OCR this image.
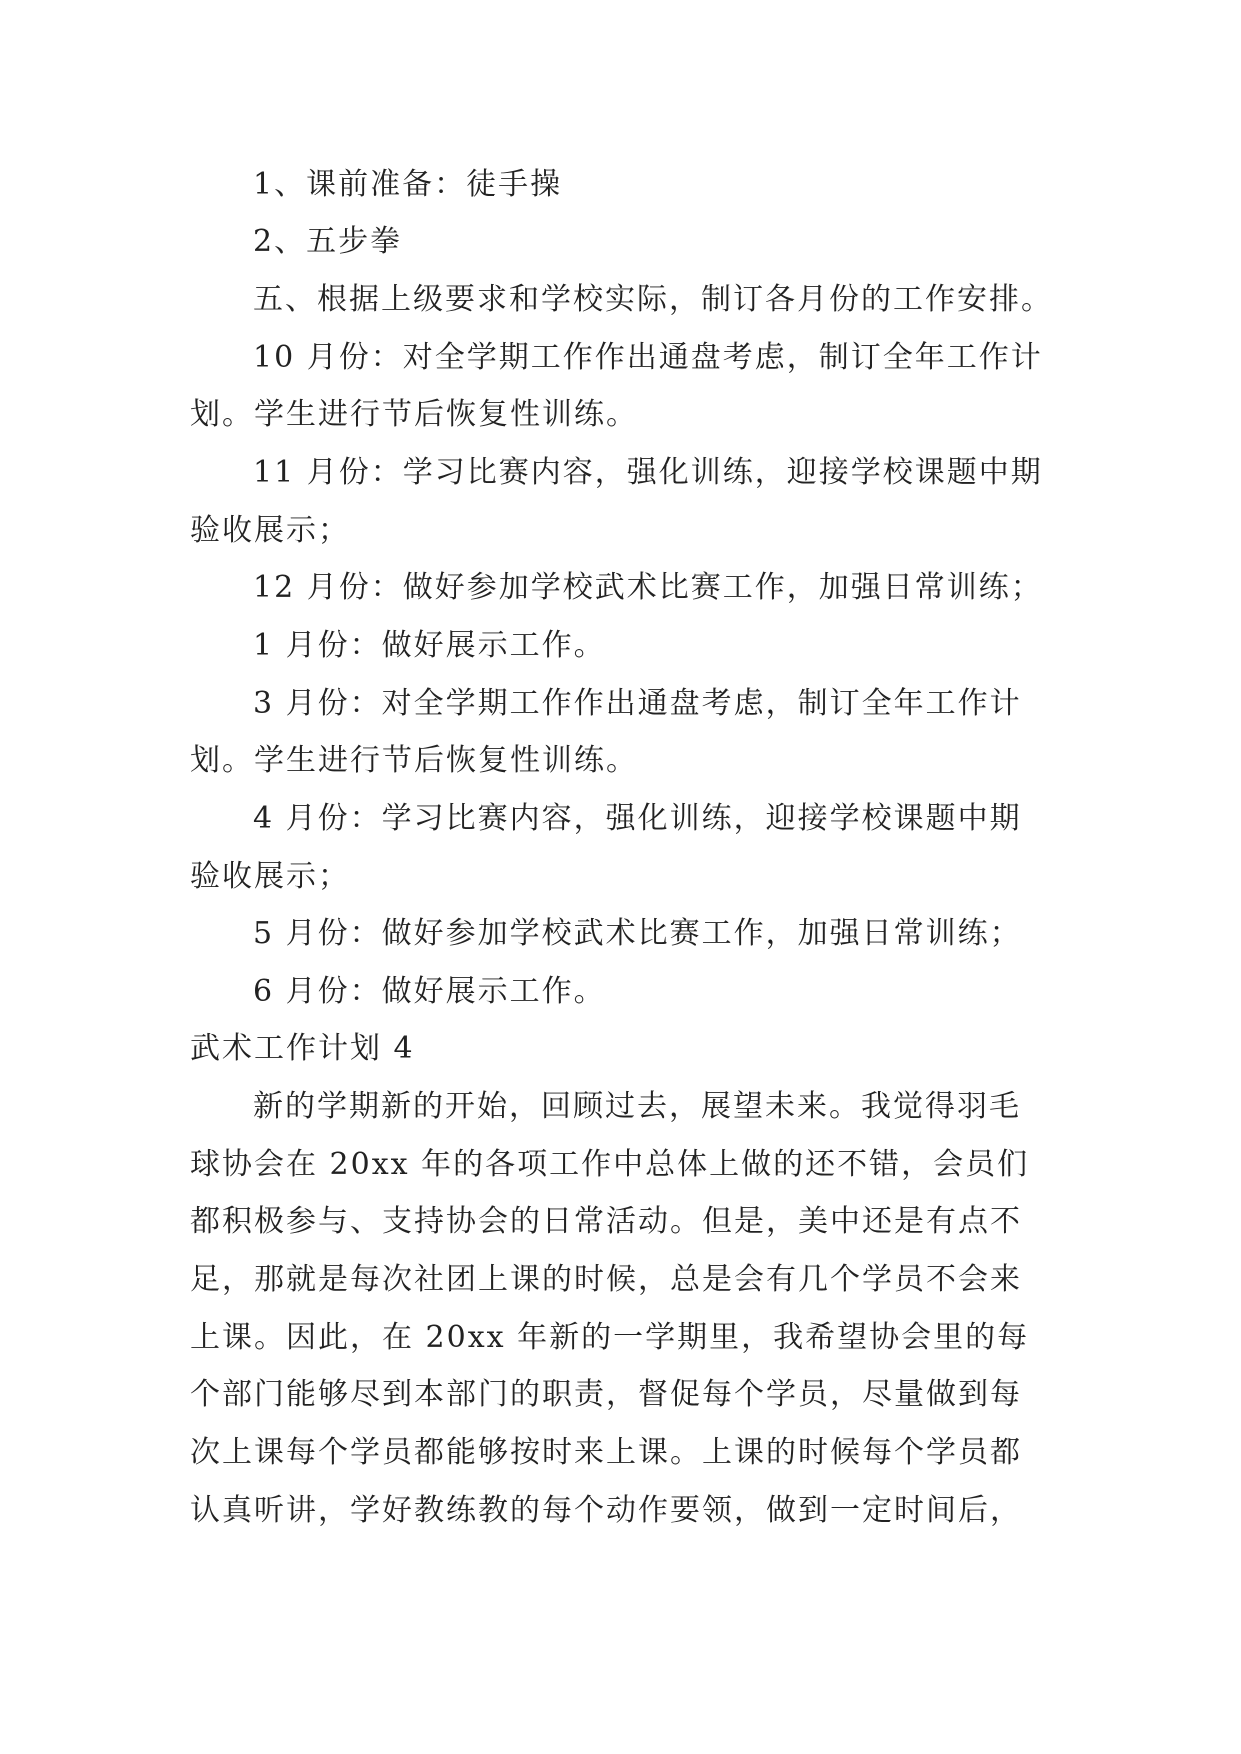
1、课前准备：徒手操
2、五步拳
五、根据上级要求和学校实际，制订各月份的工作安排。
10 月份：对全学期工作作出通盘考虑，制订全年工作计
划。学生进行节后恢复性训练。
11 月份：学习比赛内容，强化训练，迎接学校课题中期
验收展示；
12 月份：做好参加学校武术比赛工作，加强日常训练；
1 月份：做好展示工作。
3 月份：对全学期工作作出通盘考虑，制订全年工作计
划。学生进行节后恢复性训练。
4 月份：学习比赛内容，强化训练，迎接学校课题中期
验收展示；
5 月份：做好参加学校武术比赛工作，加强日常训练；
6 月份：做好展示工作。
武术工作计划 4
新的学期新的开始，回顾过去，展望未来。我觉得羽毛
球协会在 20xx 年的各项工作中总体上做的还不错，会员们
都积极参与、支持协会的日常活动。但是，美中还是有点不
足，那就是每次社团上课的时候，总是会有几个学员不会来
上课。因此，在 20xx 年新的一学期里，我希望协会里的每
个部门能够尽到本部门的职责，督促每个学员，尽量做到每
次上课每个学员都能够按时来上课。上课的时候每个学员都
认真听讲，学好教练教的每个动作要领，做到一定时间后，
